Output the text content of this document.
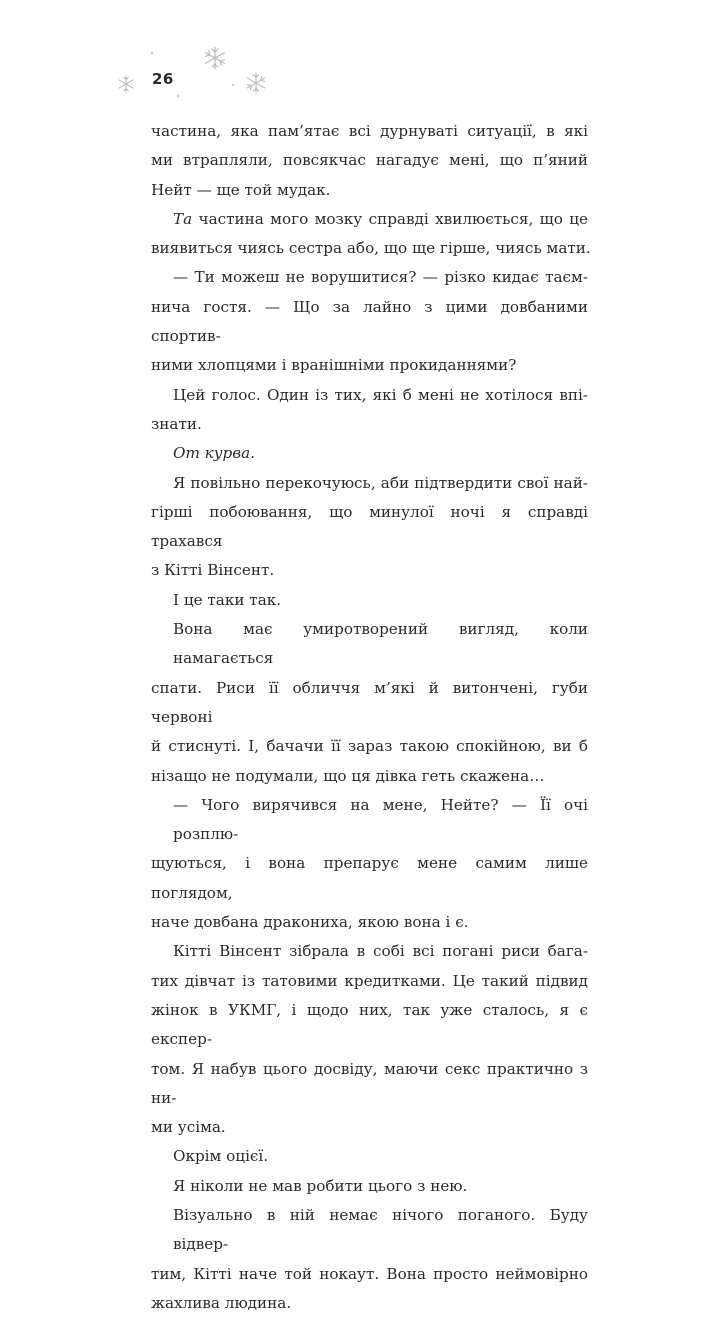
26
частина, яка пам’ятає всі дурнуваті ситуації, в які
ми втрапляли, повсякчас нагадує мені, що п’яний
Нейт — ще той мудак.
Та частина мого мозку справді хвилюється, що це
виявиться чиясь сестра або, що ще гірше, чиясь мати.
— Ти можеш не ворушитися? — різко кидає таєм-
нича гостя. — Що за лайно з цими довбаними спортив-
ними хлопцями і вранішніми прокиданнями?
Цей голос. Один із тих, які б мені не хотілося впі-
знати.
От курва.
Я повільно перекочуюсь, аби підтвердити свої най-
гірші побоювання, що минулої ночі я справді трахався
з Кітті Вінсент.
І це таки так.
Вона має умиротворений вигляд, коли намагається
спати. Риси її обличчя м’які й витончені, губи червоні
й стиснуті. І, бачачи її зараз такою спокійною, ви б
нізащо не подумали, що ця дівка геть скажена…
— Чого вирячився на мене, Нейте? — Її очі розплю-
щуються, і вона препарує мене самим лише поглядом,
наче довбана дракониха, якою вона і є.
Кітті Вінсент зібрала в собі всі погані риси бага-
тих дівчат із татовими кредитками. Це такий підвид
жінок в УКМГ, і щодо них, так уже сталось, я є експер-
том. Я набув цього досвіду, маючи секс практично з ни-
ми усіма.
Окрім оцієї.
Я ніколи не мав робити цього з нею.
Візуально в ній немає нічого поганого. Буду відвер-
тим, Кітті наче той нокаут. Вона просто неймовірно
жахлива людина.
